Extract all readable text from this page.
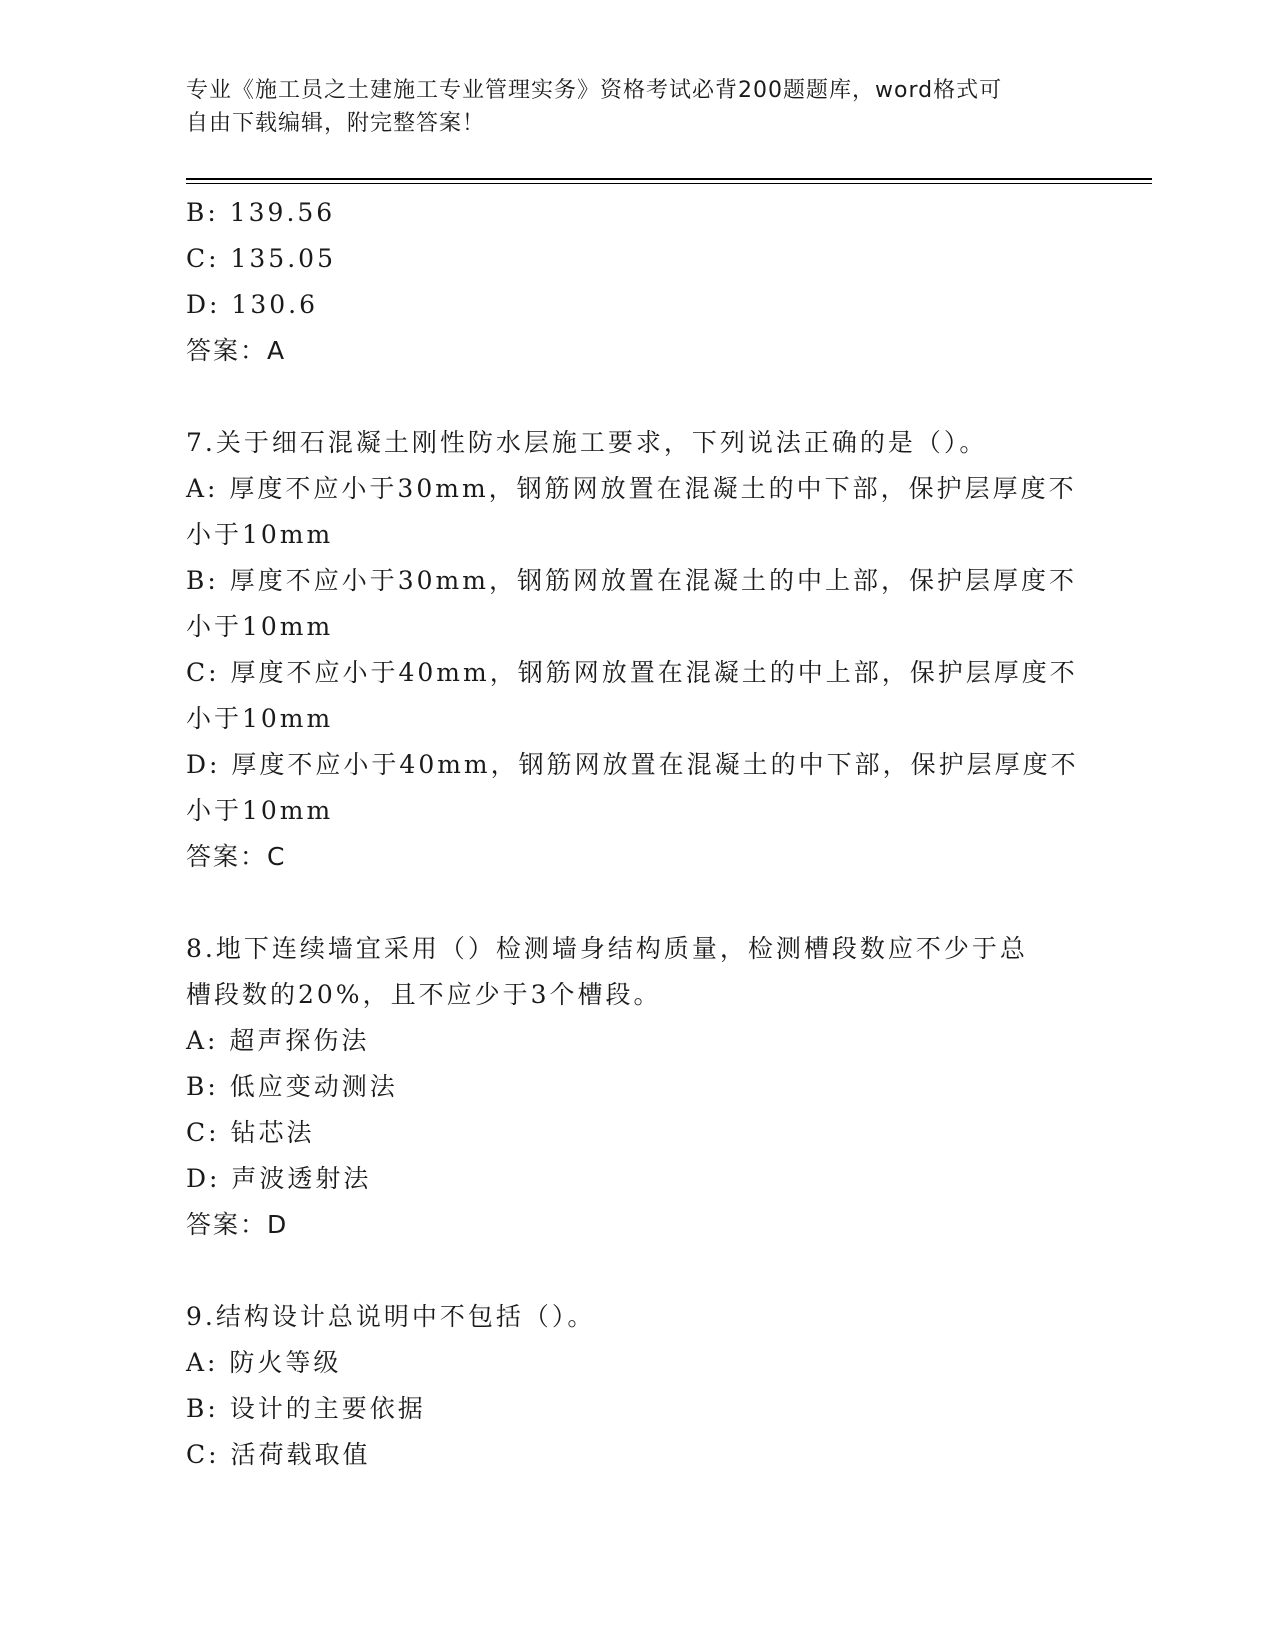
专业《施工员之土建施工专业管理实务》资格考试必背200题题库，word格式可
自由下载编辑，附完整答案！
B: 139.56
C: 135.05
D: 130.6
答案：A
7.关于细石混凝土刚性防水层施工要求，下列说法正确的是（）。
A: 厚度不应小于30mm，钢筋网放置在混凝土的中下部，保护层厚度不
小于10mm
B: 厚度不应小于30mm，钢筋网放置在混凝土的中上部，保护层厚度不
小于10mm
C: 厚度不应小于40mm，钢筋网放置在混凝土的中上部，保护层厚度不
小于10mm
D: 厚度不应小于40mm，钢筋网放置在混凝土的中下部，保护层厚度不
小于10mm
答案：C
8.地下连续墙宜采用（）检测墙身结构质量，检测槽段数应不少于总
槽段数的20%，且不应少于3个槽段。
A: 超声探伤法
B: 低应变动测法
C: 钻芯法
D: 声波透射法
答案：D
9.结构设计总说明中不包括（）。
A: 防火等级
B: 设计的主要依据
C: 活荷载取值
